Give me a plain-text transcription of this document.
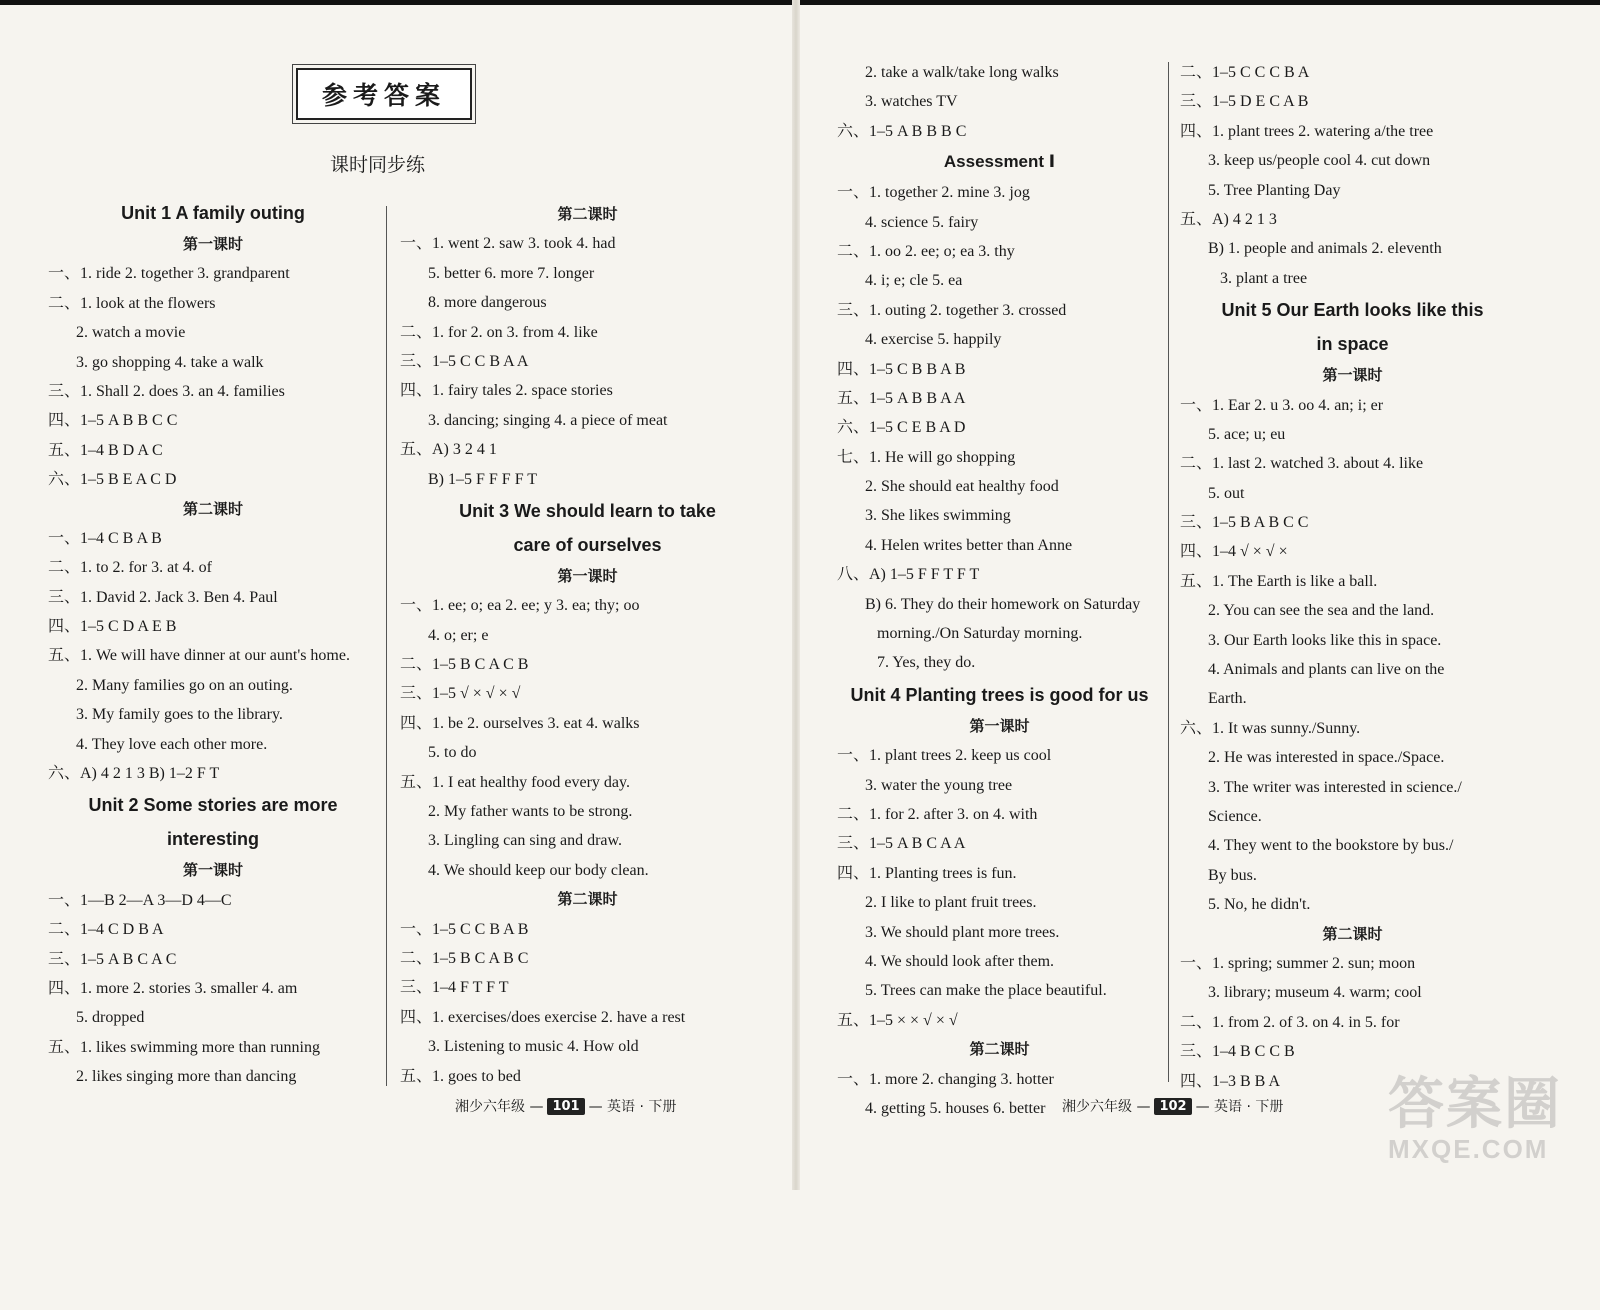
参考答案
课时同步练
Unit 1 A family outing
第一课时
一、1. ride 2. together 3. grandparent
二、1. look at the flowers
2. watch a movie
3. go shopping 4. take a walk
三、1. Shall 2. does 3. an 4. families
四、1–5 A B B C C
五、1–4 B D A C
六、1–5 B E A C D
第二课时
一、1–4 C B A B
二、1. to 2. for 3. at 4. of
三、1. David 2. Jack 3. Ben 4. Paul
四、1–5 C D A E B
五、1. We will have dinner at our aunt's home.
2. Many families go on an outing.
3. My family goes to the library.
4. They love each other more.
六、A) 4 2 1 3 B) 1–2 F T
Unit 2 Some stories are more
interesting
第一课时
一、1—B 2—A 3—D 4—C
二、1–4 C D B A
三、1–5 A B C A C
四、1. more 2. stories 3. smaller 4. am
5. dropped
五、1. likes swimming more than running
2. likes singing more than dancing
第二课时
一、1. went 2. saw 3. took 4. had
5. better 6. more 7. longer
8. more dangerous
二、1. for 2. on 3. from 4. like
三、1–5 C C B A A
四、1. fairy tales 2. space stories
3. dancing; singing 4. a piece of meat
五、A) 3 2 4 1
B) 1–5 F F F F T
Unit 3 We should learn to take
care of ourselves
第一课时
一、1. ee; o; ea 2. ee; y 3. ea; thy; oo
4. o; er; e
二、1–5 B C A C B
三、1–5 √ × √ × √
四、1. be 2. ourselves 3. eat 4. walks
5. to do
五、1. I eat healthy food every day.
2. My father wants to be strong.
3. Lingling can sing and draw.
4. We should keep our body clean.
第二课时
一、1–5 C C B A B
二、1–5 B C A B C
三、1–4 F T F T
四、1. exercises/does exercise 2. have a rest
3. Listening to music 4. How old
五、1. goes to bed
湘少六年级 — 101 — 英语 · 下册
2. take a walk/take long walks
3. watches TV
六、1–5 A B B B C
Assessment Ⅰ
一、1. together 2. mine 3. jog
4. science 5. fairy
二、1. oo 2. ee; o; ea 3. thy
4. i; e; cle 5. ea
三、1. outing 2. together 3. crossed
4. exercise 5. happily
四、1–5 C B B A B
五、1–5 A B B A A
六、1–5 C E B A D
七、1. He will go shopping
2. She should eat healthy food
3. She likes swimming
4. Helen writes better than Anne
八、A) 1–5 F F T F T
B) 6. They do their homework on Saturday
morning./On Saturday morning.
7. Yes, they do.
Unit 4 Planting trees is good for us
第一课时
一、1. plant trees 2. keep us cool
3. water the young tree
二、1. for 2. after 3. on 4. with
三、1–5 A B C A A
四、1. Planting trees is fun.
2. I like to plant fruit trees.
3. We should plant more trees.
4. We should look after them.
5. Trees can make the place beautiful.
五、1–5 × × √ × √
第二课时
一、1. more 2. changing 3. hotter
4. getting 5. houses 6. better
二、1–5 C C C B A
三、1–5 D E C A B
四、1. plant trees 2. watering a/the tree
3. keep us/people cool 4. cut down
5. Tree Planting Day
五、A) 4 2 1 3
B) 1. people and animals 2. eleventh
3. plant a tree
Unit 5 Our Earth looks like this
in space
第一课时
一、1. Ear 2. u 3. oo 4. an; i; er
5. ace; u; eu
二、1. last 2. watched 3. about 4. like
5. out
三、1–5 B A B C C
四、1–4 √ × √ ×
五、1. The Earth is like a ball.
2. You can see the sea and the land.
3. Our Earth looks like this in space.
4. Animals and plants can live on the
Earth.
六、1. It was sunny./Sunny.
2. He was interested in space./Space.
3. The writer was interested in science./
Science.
4. They went to the bookstore by bus./
By bus.
5. No, he didn't.
第二课时
一、1. spring; summer 2. sun; moon
3. library; museum 4. warm; cool
二、1. from 2. of 3. on 4. in 5. for
三、1–4 B C C B
四、1–3 B B A
湘少六年级 — 102 — 英语 · 下册 答案圈
MXQE.COM
